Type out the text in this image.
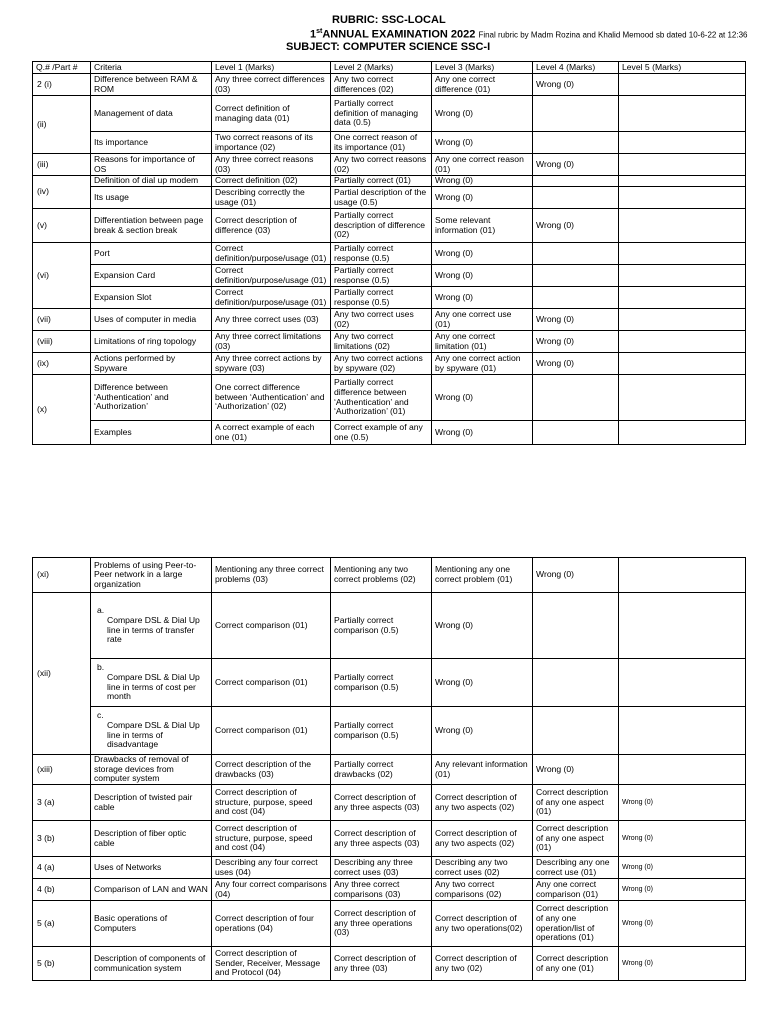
RUBRIC: SSC-LOCAL
1stANNUAL EXAMINATION 2022 Final rubric by Madm Rozina and Khalid Memood sb dated 10-6-22 at 12:36
SUBJECT: COMPUTER SCIENCE SSC-I
Q.# /Part #	Criteria	Level 1 (Marks)	Level 2 (Marks)	Level 3 (Marks)	Level 4 (Marks)	Level 5 (Marks)
2 (i)	Difference between RAM & ROM	Any three correct differences (03)	Any two correct differences (02)	Any one correct difference (01)	Wrong (0)	
(ii)	Management of data	Correct definition of managing data (01)	Partially correct definition of managing data (0.5)	Wrong (0)		
	Its importance	Two correct reasons of its importance (02)	One correct reason of its importance (01)	Wrong (0)		
(iii)	Reasons for importance of OS	Any three correct reasons (03)	Any two correct reasons (02)	Any one correct reason (01)	Wrong (0)	
(iv)	Definition of dial up modem	Correct definition (02)	Partially correct (01)	Wrong (0)		
	Its usage	Describing correctly the usage (01)	Partial description of the usage (0.5)	Wrong (0)		
(v)	Differentiation between page break & section break	Correct description of difference (03)	Partially correct description of difference (02)	Some relevant information (01)	Wrong (0)	
(vi)	Port	Correct definition/purpose/usage (01)	Partially correct response (0.5)	Wrong (0)		
	Expansion Card	Correct definition/purpose/usage (01)	Partially correct response (0.5)	Wrong (0)		
	Expansion Slot	Correct definition/purpose/usage (01)	Partially correct response (0.5)	Wrong (0)		
(vii)	Uses of computer in media	Any three correct uses (03)	Any two correct uses (02)	Any one correct use (01)	Wrong (0)	
(viii)	Limitations of ring topology	Any three correct limitations (03)	Any two correct limitations (02)	Any one correct limitation (01)	Wrong (0)	
(ix)	Actions performed by Spyware	Any three correct actions by spyware (03)	Any two correct actions by spyware (02)	Any one correct action by spyware (01)	Wrong (0)	
(x)	Difference between ‘Authentication’ and ‘Authorization’	One correct difference between ‘Authentication’ and ‘Authorization’ (02)	Partially correct difference between ‘Authentication’ and ‘Authorization’ (01)	Wrong (0)		
	Examples	A correct example of each one (01)	Correct example of any one (0.5)	Wrong (0)		
(xi)	Problems of using Peer-to-Peer network in a large organization	Mentioning any three correct problems (03)	Mentioning any two correct problems (02)	Mentioning any one correct problem (01)	Wrong (0)	
(xii)	a.Compare DSL & Dial Up line in terms of transfer rate	Correct comparison (01)	Partially correct comparison (0.5)	Wrong (0)		
	b.Compare DSL & Dial Up line in terms of cost per month	Correct comparison (01)	Partially correct comparison (0.5)	Wrong (0)		
	c.Compare DSL & Dial Up line in terms of disadvantage	Correct comparison (01)	Partially correct comparison (0.5)	Wrong (0)		
(xiii)	Drawbacks of removal of storage devices from computer system	Correct description of the drawbacks (03)	Partially correct drawbacks (02)	Any relevant information (01)	Wrong (0)	
3 (a)	Description of twisted pair cable	Correct description of structure, purpose, speed and cost (04)	Correct description of any three aspects (03)	Correct description of any two aspects (02)	Correct description of any one aspect (01)	Wrong (0)
3 (b)	Description of fiber optic cable	Correct description of structure, purpose, speed and cost (04)	Correct description of any three aspects (03)	Correct description of any two aspects (02)	Correct description of any one aspect (01)	Wrong (0)
4 (a)	Uses of Networks	Describing any four correct uses (04)	Describing any three correct uses (03)	Describing any two correct uses (02)	Describing any one correct use (01)	Wrong (0)
4 (b)	Comparison of LAN and WAN	Any four correct comparisons (04)	Any three correct comparisons (03)	Any two correct comparisons (02)	Any one correct comparison (01)	Wrong (0)
5 (a)	Basic operations of Computers	Correct description of four operations (04)	Correct description of any three operations (03)	Correct description of any two operations(02)	Correct description of any one operation/list of operations (01)	Wrong (0)
5 (b)	Description of components of communication system	Correct description of Sender, Receiver, Message and Protocol (04)	Correct description of any three (03)	Correct description of any two (02)	Correct description of any one (01)	Wrong (0)
